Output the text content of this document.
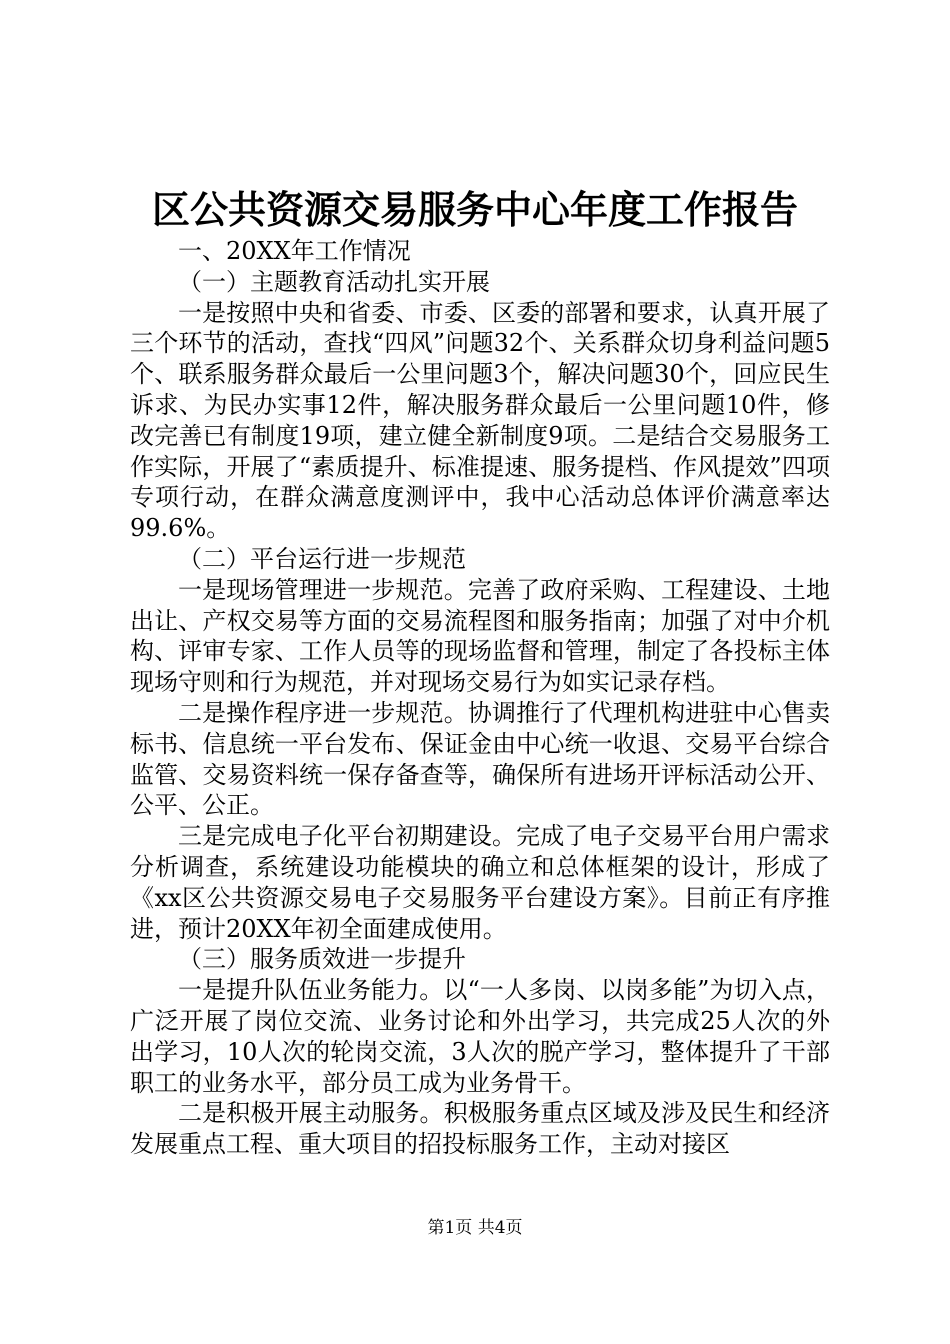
区公共资源交易服务中心年度工作报告

一、20XX年工作情况

（一）主题教育活动扎实开展

一是按照中央和省委、市委、区委的部署和要求，认真开展了三个环节的活动，查找“四风”问题32个、关系群众切身利益问题5个、联系服务群众最后一公里问题3个，解决问题30个，回应民生诉求、为民办实事12件，解决服务群众最后一公里问题10件，修改完善已有制度19项，建立健全新制度9项。二是结合交易服务工作实际，开展了“素质提升、标准提速、服务提档、作风提效”四项专项行动，在群众满意度测评中，我中心活动总体评价满意率达99.6%。

（二）平台运行进一步规范

一是现场管理进一步规范。完善了政府采购、工程建设、土地出让、产权交易等方面的交易流程图和服务指南；加强了对中介机构、评审专家、工作人员等的现场监督和管理，制定了各投标主体现场守则和行为规范，并对现场交易行为如实记录存档。

二是操作程序进一步规范。协调推行了代理机构进驻中心售卖标书、信息统一平台发布、保证金由中心统一收退、交易平台综合监管、交易资料统一保存备查等，确保所有进场开评标活动公开、公平、公正。

三是完成电子化平台初期建设。完成了电子交易平台用户需求分析调查，系统建设功能模块的确立和总体框架的设计，形成了《xx区公共资源交易电子交易服务平台建设方案》。目前正有序推进，预计20XX年初全面建成使用。

（三）服务质效进一步提升

一是提升队伍业务能力。以“一人多岗、以岗多能”为切入点，广泛开展了岗位交流、业务讨论和外出学习，共完成25人次的外出学习，10人次的轮岗交流，3人次的脱产学习，整体提升了干部职工的业务水平，部分员工成为业务骨干。

二是积极开展主动服务。积极服务重点区域及涉及民生和经济发展重点工程、重大项目的招投标服务工作，主动对接区

第1页 共4页
